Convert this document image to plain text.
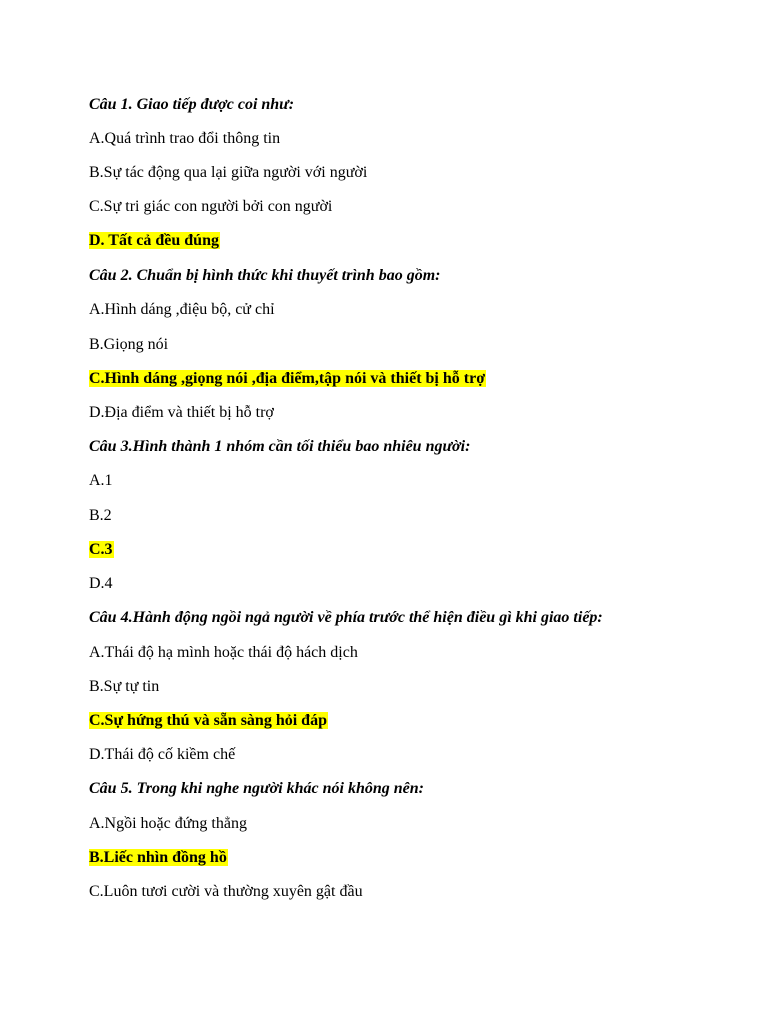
Câu 1. Giao tiếp được coi như:
A.Quá trình trao đổi thông tin
B.Sự tác động qua lại giữa người với người
C.Sự tri giác con người bởi con người
D. Tất cả đều đúng
Câu 2. Chuẩn bị hình thức khi thuyết trình bao gồm:
A.Hình dáng ,điệu bộ, cử chỉ
B.Giọng nói
C.Hình dáng ,giọng nói ,địa điểm,tập nói và thiết bị hỗ trợ
D.Địa điểm và thiết bị hỗ trợ
Câu 3.Hình thành 1 nhóm cần tối thiểu bao nhiêu người:
A.1
B.2
C.3
D.4
Câu 4.Hành động ngồi ngả người về phía trước thể hiện điều gì khi giao tiếp:
A.Thái độ hạ mình hoặc thái độ hách dịch
B.Sự tự tin
C.Sự hứng thú và sẵn sàng hỏi đáp
D.Thái độ cố kiềm chế
Câu 5. Trong khi nghe người khác nói không nên:
A.Ngồi hoặc đứng thẳng
B.Liếc nhìn đồng hồ
C.Luôn tươi cười và thường xuyên gật đầu
